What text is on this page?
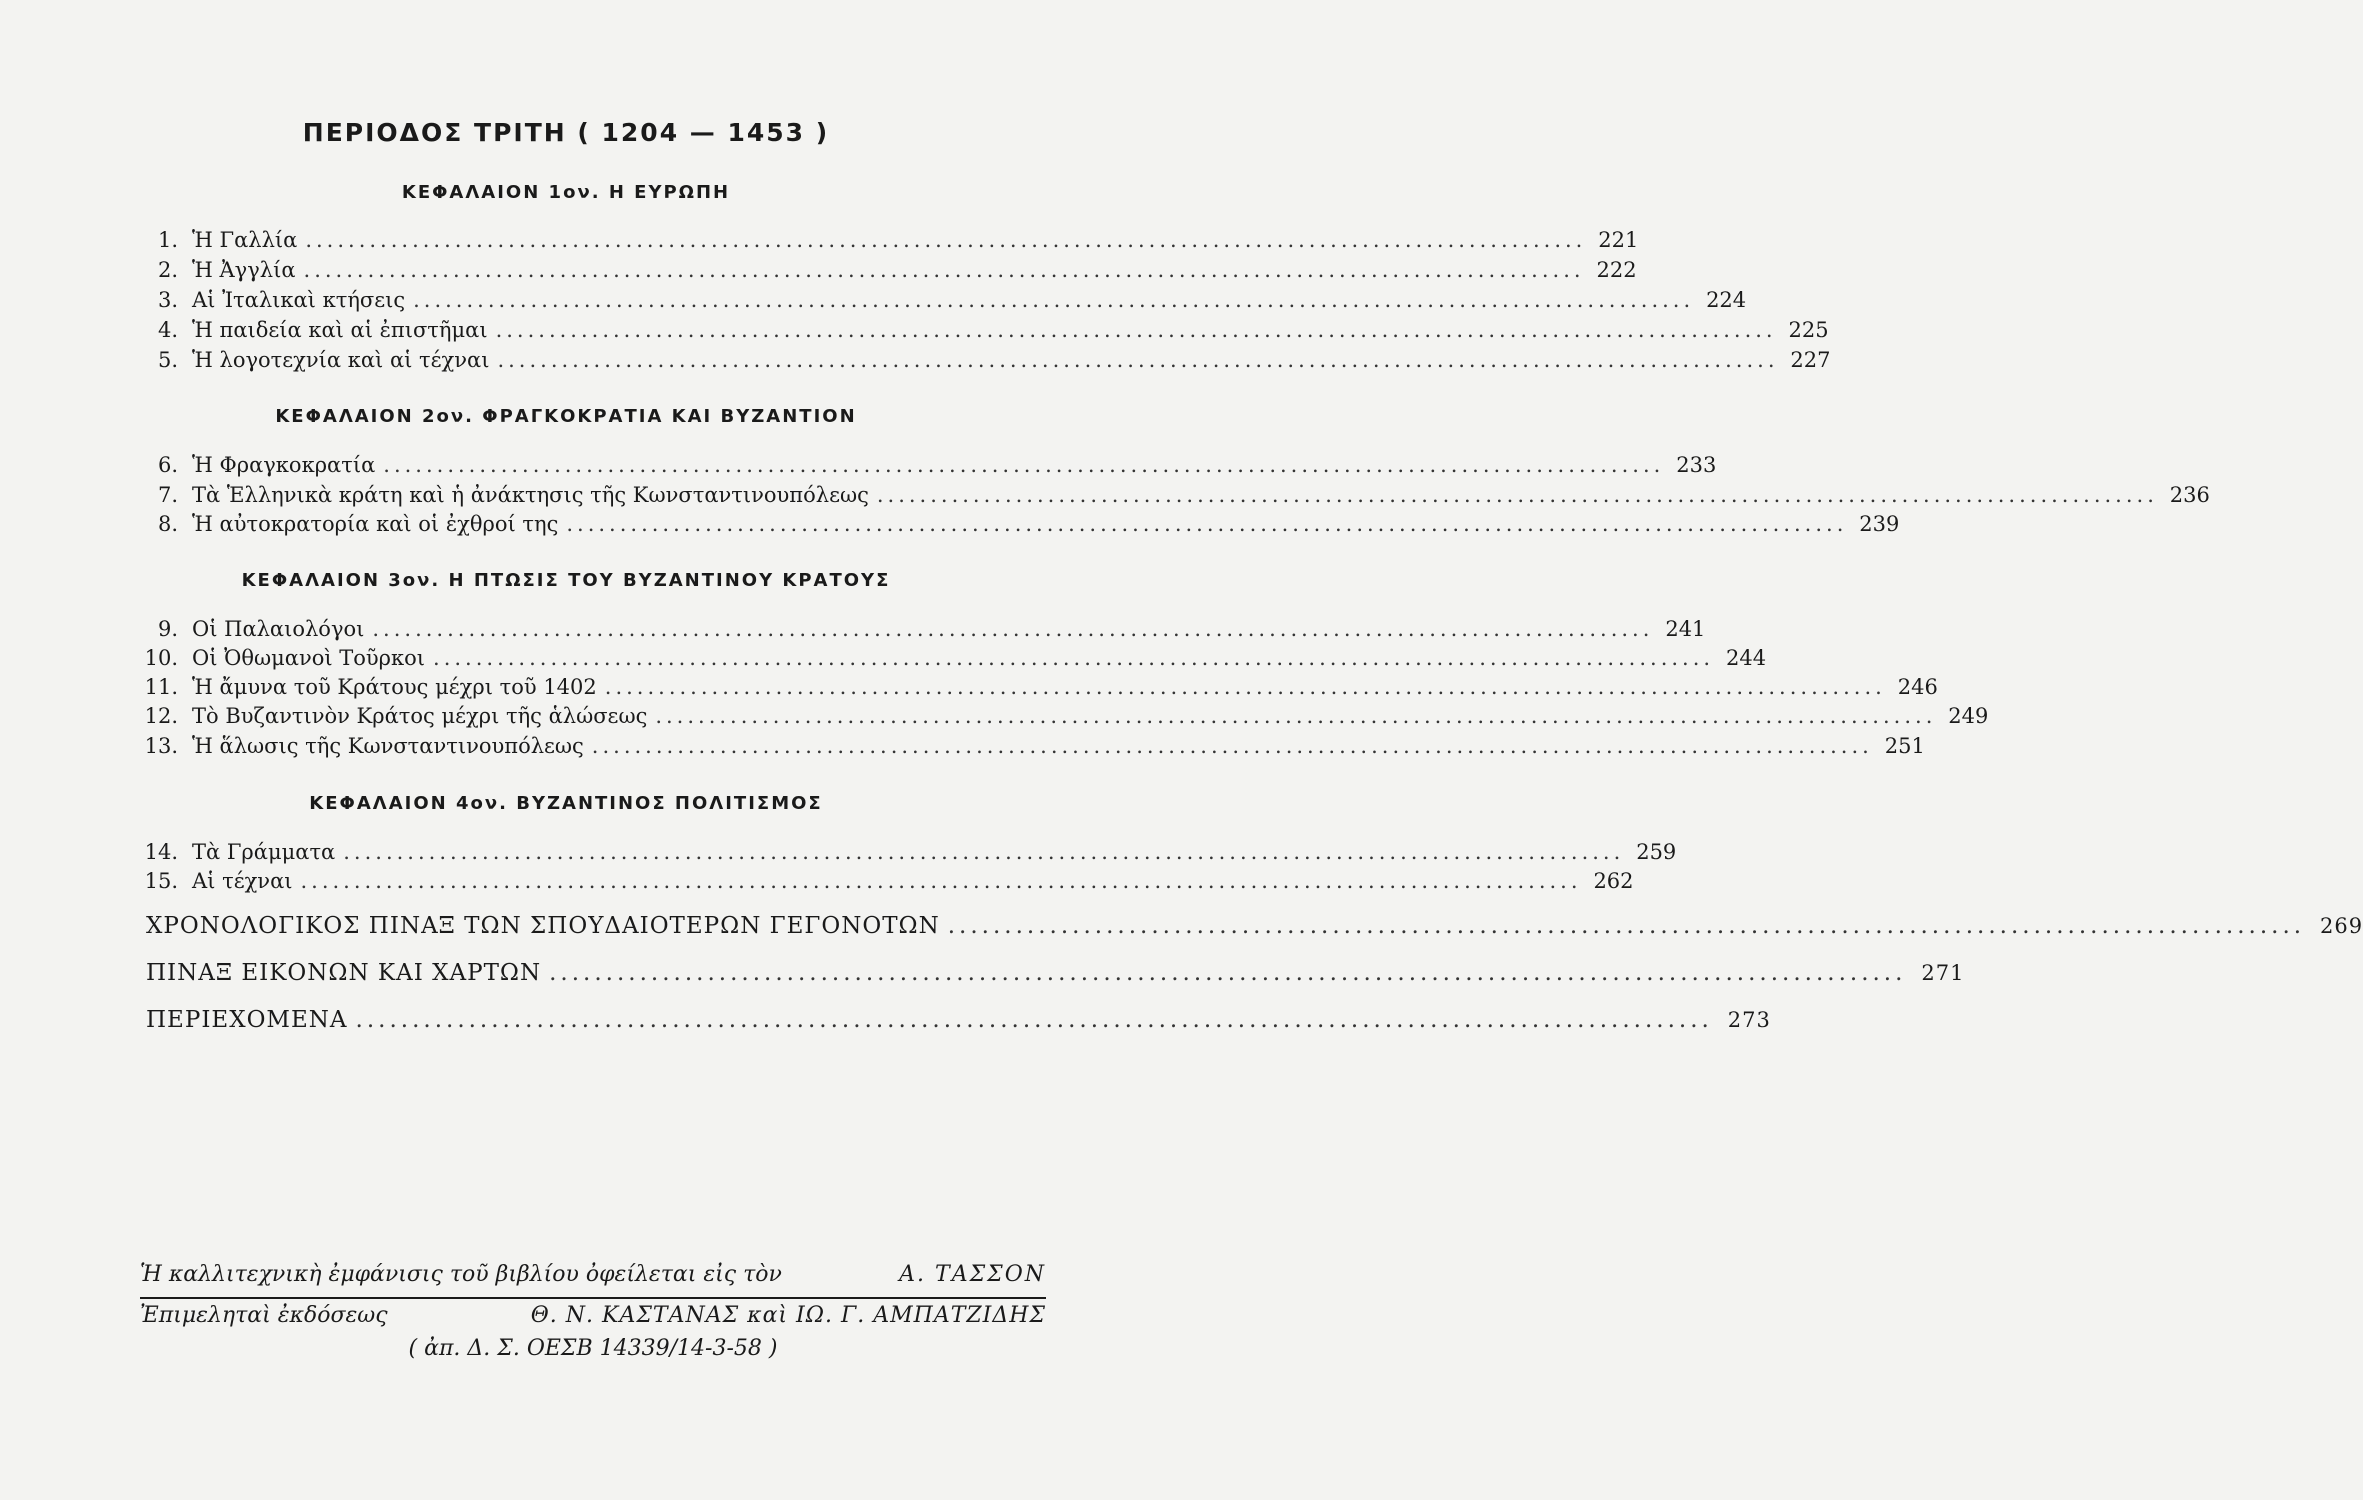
ΠΕΡΙΟΔΟΣ ΤΡΙΤΗ ( 1204 — 1453 )
ΚΕΦΑΛΑΙΟΝ 1ον. Η ΕΥΡΩΠΗ
1. Ἡ Γαλλία ........................................................................................................................ 221
2. Ἡ Ἀγγλία ........................................................................................................................ 222
3. Αἱ Ἰταλικαὶ κτήσεις ........................................................................................................................ 224
4. Ἡ παιδεία καὶ αἱ ἐπιστῆμαι ........................................................................................................................ 225
5. Ἡ λογοτεχνία καὶ αἱ τέχναι ........................................................................................................................ 227
ΚΕΦΑΛΑΙΟΝ 2ον. ΦΡΑΓΚΟΚΡΑΤΙΑ ΚΑΙ ΒΥΖΑΝΤΙΟΝ
6. Ἡ Φραγκοκρατία ........................................................................................................................ 233
7. Τὰ Ἑλληνικὰ κράτη καὶ ἡ ἀνάκτησις τῆς Κωνσταντινουπόλεως ........................................................................................................................ 236
8. Ἡ αὐτοκρατορία καὶ οἱ ἐχθροί της ........................................................................................................................ 239
ΚΕΦΑΛΑΙΟΝ 3ον. Η ΠΤΩΣΙΣ ΤΟΥ ΒΥΖΑΝΤΙΝΟΥ ΚΡΑΤΟΥΣ
9. Οἱ Παλαιολόγοι ........................................................................................................................ 241
10. Οἱ Ὀθωμανοὶ Τοῦρκοι ........................................................................................................................ 244
11. Ἡ ἄμυνα τοῦ Κράτους μέχρι τοῦ 1402 ........................................................................................................................ 246
12. Τὸ Βυζαντινὸν Κράτος μέχρι τῆς ἁλώσεως ........................................................................................................................ 249
13. Ἡ ἅλωσις τῆς Κωνσταντινουπόλεως ........................................................................................................................ 251
ΚΕΦΑΛΑΙΟΝ 4ον. ΒΥΖΑΝΤΙΝΟΣ ΠΟΛΙΤΙΣΜΟΣ
14. Τὰ Γράμματα ........................................................................................................................ 259
15. Αἱ τέχναι ........................................................................................................................ 262
ΧΡΟΝΟΛΟΓΙΚΟΣ ΠΙΝΑΞ ΤΩΝ ΣΠΟΥΔΑΙΟΤΕΡΩΝ ΓΕΓΟΝΟΤΩΝ ........................................................................................................................ 269
ΠΙΝΑΞ ΕΙΚΟΝΩΝ ΚΑΙ ΧΑΡΤΩΝ ........................................................................................................................ 271
ΠΕΡΙΕΧΟΜΕΝΑ ........................................................................................................................ 273
Ἡ καλλιτεχνικὴ ἐμφάνισις τοῦ βιβλίου ὀφείλεται εἰς τὸν	Α. ΤΑΣΣΟΝ
Ἐπιμεληταὶ ἐκδόσεως	Θ. Ν. ΚΑΣΤΑΝΑΣ καὶ ΙΩ. Γ. ΑΜΠΑΤΖΙΔΗΣ
( ἀπ. Δ. Σ. ΟΕΣΒ 14339/14-3-58 )
